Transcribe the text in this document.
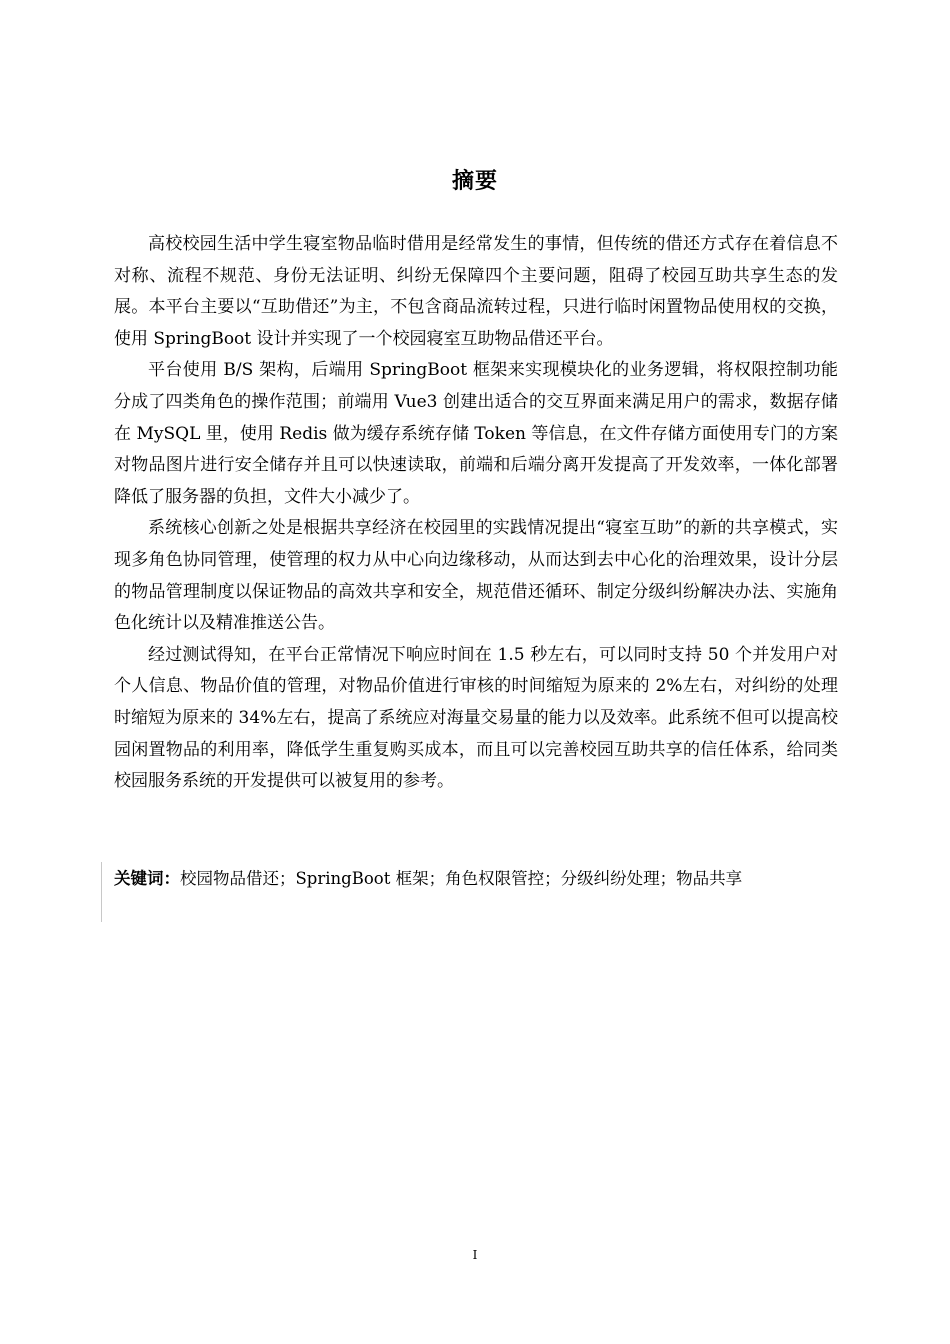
摘要

高校校园生活中学生寝室物品临时借用是经常发生的事情，但传统的借还方式存在着信息不对称、流程不规范、身份无法证明、纠纷无保障四个主要问题，阻碍了校园互助共享生态的发展。本平台主要以“互助借还”为主，不包含商品流转过程，只进行临时闲置物品使用权的交换，使用 SpringBoot 设计并实现了一个校园寝室互助物品借还平台。

平台使用 B/S 架构，后端用 SpringBoot 框架来实现模块化的业务逻辑，将权限控制功能分成了四类角色的操作范围；前端用 Vue3 创建出适合的交互界面来满足用户的需求，数据存储在 MySQL 里，使用 Redis 做为缓存系统存储 Token 等信息，在文件存储方面使用专门的方案对物品图片进行安全储存并且可以快速读取，前端和后端分离开发提高了开发效率，一体化部署降低了服务器的负担，文件大小减少了。

系统核心创新之处是根据共享经济在校园里的实践情况提出“寝室互助”的新的共享模式，实现多角色协同管理，使管理的权力从中心向边缘移动，从而达到去中心化的治理效果，设计分层的物品管理制度以保证物品的高效共享和安全，规范借还循环、制定分级纠纷解决办法、实施角色化统计以及精准推送公告。

经过测试得知，在平台正常情况下响应时间在 1.5 秒左右，可以同时支持 50 个并发用户对个人信息、物品价值的管理，对物品价值进行审核的时间缩短为原来的 2%左右，对纠纷的处理时缩短为原来的 34%左右，提高了系统应对海量交易量的能力以及效率。此系统不但可以提高校园闲置物品的利用率，降低学生重复购买成本，而且可以完善校园互助共享的信任体系，给同类校园服务系统的开发提供可以被复用的参考。

关键词：校园物品借还；SpringBoot 框架；角色权限管控；分级纠纷处理；物品共享
I
